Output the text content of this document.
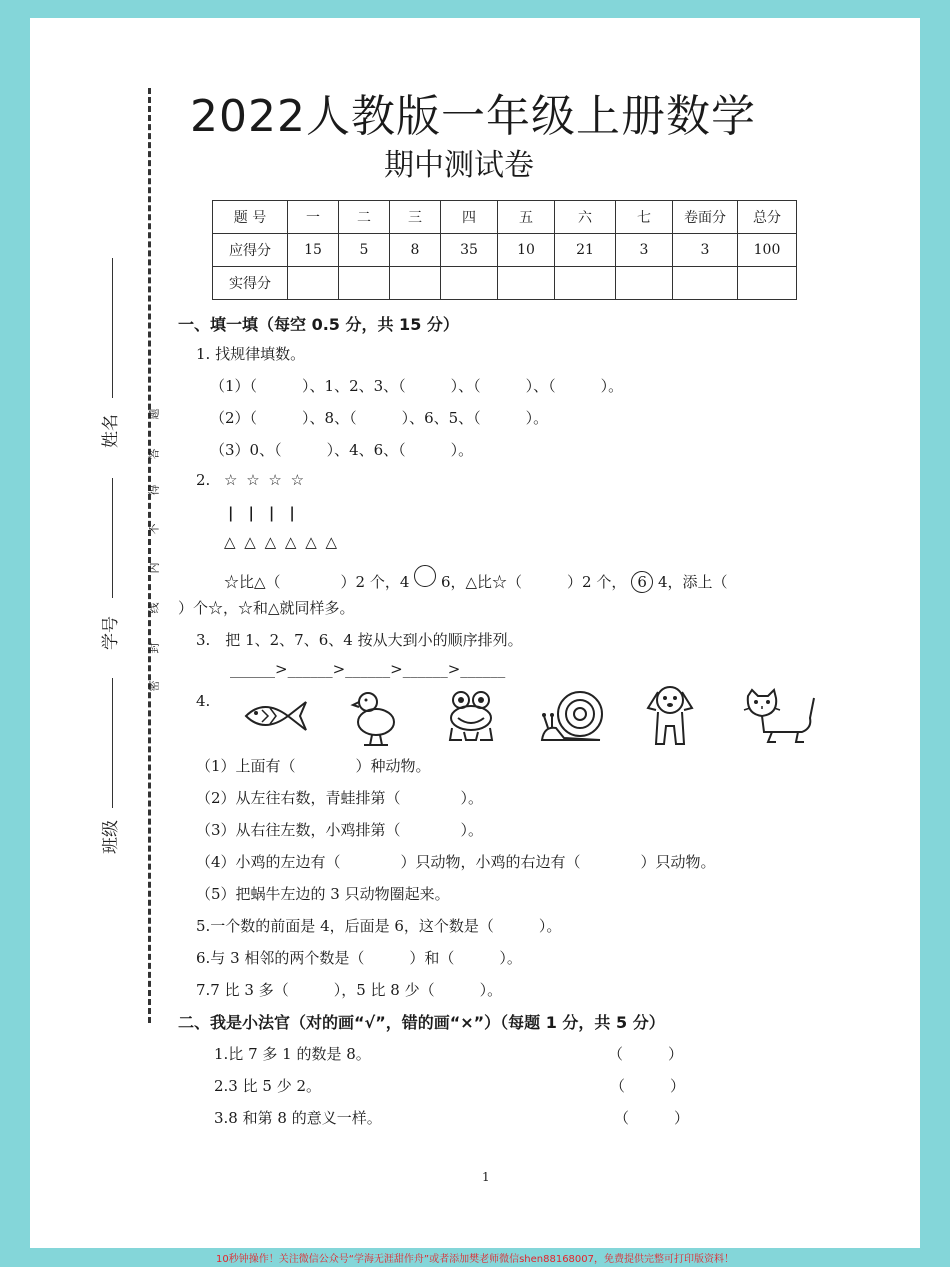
2022人教版一年级上册数学
期中测试卷
题 号	一	二	三	四	五	六	七	卷面分	总分
应得分	15	5	8	35	10	21	3	3	100
实得分									
姓名
学号
班级
题
答
得
不
内
线
封
密
一、填一填（每空 0.5 分，共 15 分）
1. 找规律填数。
（1）（　　　）、1、2、3、（　　　）、（　　　）、（　　　）。
（2）（　　　）、8、（　　　）、6、5、（　　　）。
（3）0、（　　　）、4、6、（　　　）。
2. ☆ ☆ ☆ ☆
|　|　|　|
△ △ △ △ △ △
☆比△（　　　　）2 个，4 6，△比☆（　　　）2 个， 6 4，添上（
）个☆，☆和△就同样多。
3.　把 1、2、7、6、4 按从大到小的顺序排列。
______>______>______>______>______
4.
（1）上面有（　　　　）种动物。
（2）从左往右数，青蛙排第（　　　　）。
（3）从右往左数，小鸡排第（　　　　）。
（4）小鸡的左边有（　　　　）只动物，小鸡的右边有（　　　　）只动物。
（5）把蜗牛左边的 3 只动物圈起来。
5.一个数的前面是 4，后面是 6，这个数是（　　　）。
6.与 3 相邻的两个数是（　　　）和（　　　）。
7.7 比 3 多（　　　），5 比 8 少（　　　）。
二、我是小法官（对的画“√”，错的画“×”）（每题 1 分，共 5 分）
1.比 7 多 1 的数是 8。	（　　　）
2.3 比 5 少 2。	（　　　）
3.8 和第 8 的意义一样。	（　　　）
1
10秒钟操作！关注微信公众号“学海无涯甜作舟”或者添加樊老师微信shen88168007，免费提供完整可打印版资料！
